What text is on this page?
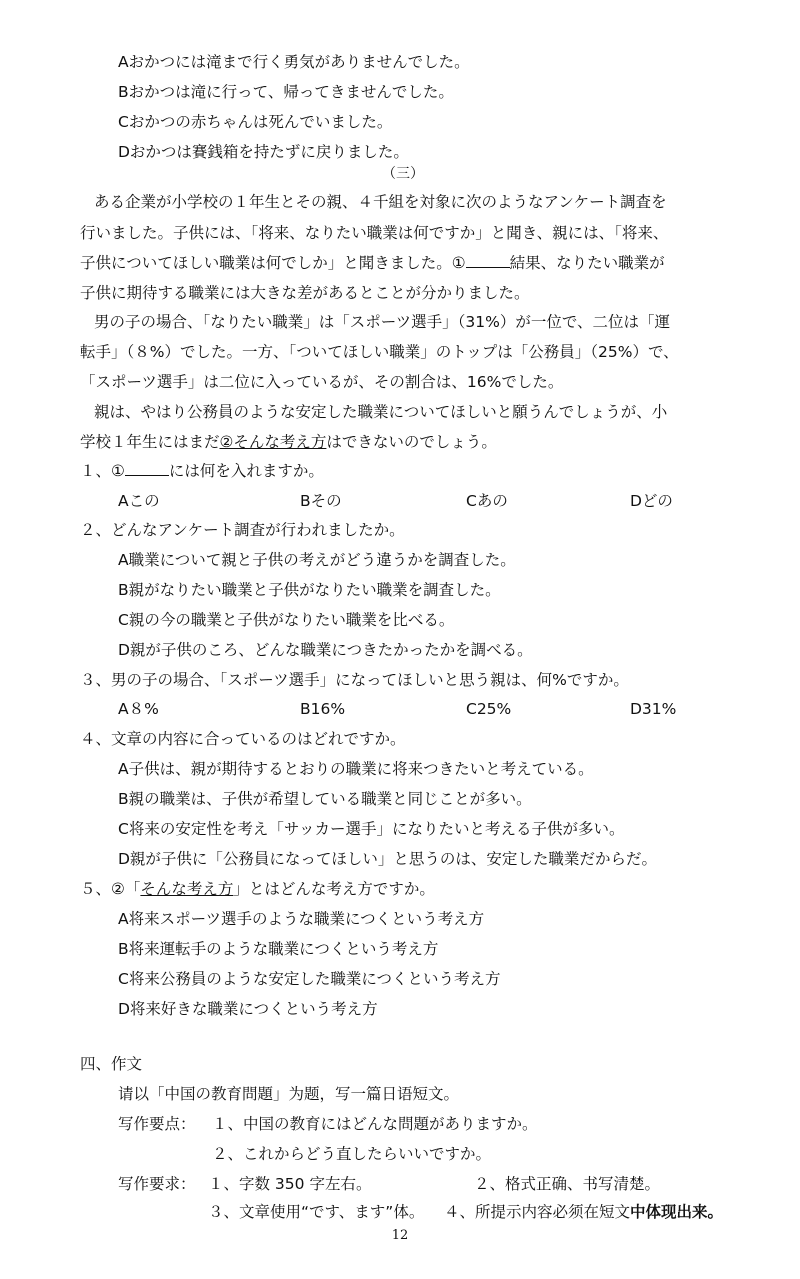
Aおかつには滝まで行く勇気がありませんでした。
Bおかつは滝に行って、帰ってきませんでした。
Cおかつの赤ちゃんは死んでいました。
Dおかつは賽銭箱を持たずに戻りました。
（三）
ある企業が小学校の１年生とその親、４千組を対象に次のようなアンケート調査を
行いました。子供には、「将来、なりたい職業は何ですか」と聞き、親には、「将来、
子供についてほしい職業は何でしか」と聞きました。①	結果、なりたい職業が
子供に期待する職業には大きな差があるとことが分かりました。
男の子の場合、「なりたい職業」は「スポーツ選手」（31%）が一位で、二位は「運
転手」（８%）でした。一方、「ついてほしい職業」のトップは「公務員」（25%）で、
「スポーツ選手」は二位に入っているが、その割合は、16%でした。
親は、やはり公務員のような安定した職業についてほしいと願うんでしょうが、小
学校１年生にはまだ②そんな考え方はできないのでしょう。
１、①	には何を入れますか。
Aこの	Bその	Cあの	Dどの
２、どんなアンケート調査が行われましたか。
A職業について親と子供の考えがどう違うかを調査した。
B親がなりたい職業と子供がなりたい職業を調査した。
C親の今の職業と子供がなりたい職業を比べる。
D親が子供のころ、どんな職業につきたかったかを調べる。
３、男の子の場合、「スポーツ選手」になってほしいと思う親は、何%ですか。
A８%	B16%	C25%	D31%
４、文章の内容に合っているのはどれですか。
A子供は、親が期待するとおりの職業に将来つきたいと考えている。
B親の職業は、子供が希望している職業と同じことが多い。
C将来の安定性を考え「サッカー選手」になりたいと考える子供が多い。
D親が子供に「公務員になってほしい」と思うのは、安定した職業だからだ。
５、②「そんな考え方」とはどんな考え方ですか。
A将来スポーツ選手のような職業につくという考え方
B将来運転手のような職業につくという考え方
C将来公務員のような安定した職業につくという考え方
D将来好きな職業につくという考え方
四、作文
请以「中国の教育問題」为题，写一篇日语短文。
写作要点： １、中国の教育にはどんな問題がありますか。
２、これからどう直したらいいですか。
写作要求： １、字数 350 字左右。	２、格式正确、书写清楚。
３、文章使用“です、ます”体。 ４、所提示内容必须在短文中体现出来。
12
